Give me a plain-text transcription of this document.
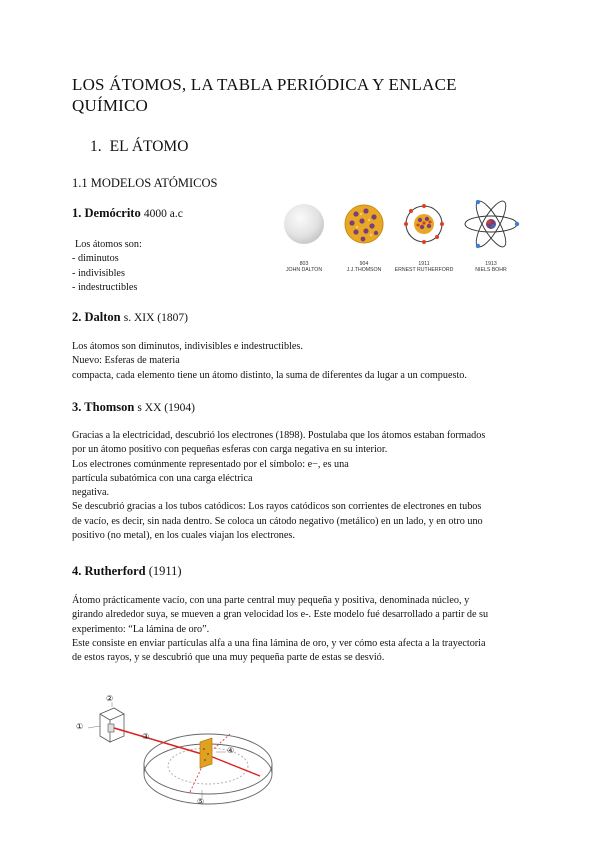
LOS ÁTOMOS, LA TABLA PERIÓDICA Y ENLACE QUÍMICO
1. EL ÁTOMO
1.1 MODELOS ATÓMICOS
1. Demócrito 4000 a.c
Los átomos son:
- diminutos
- indivisibles
- indestructibles
803
JOHN DALTON
904
J.J.THOMSON
1911
ERNEST RUTHERFORD
1913
NIELS BOHR
2. Dalton s. XIX (1807)

Los átomos son diminutos, indivisibles e indestructibles.

Nuevo: Esferas de materia

compacta, cada elemento tiene un átomo distinto, la suma de diferentes da lugar a un compuesto.

3. Thomson s XX (1904)

Gracias a la electricidad, descubrió los electrones (1898). Postulaba que los átomos estaban formados

por un átomo positivo con pequeñas esferas con carga negativa en su interior.

Los electrones comúnmente representado por el símbolo: e−, es una

partícula subatómica con una carga eléctrica

negativa.

Se descubrió gracias a los tubos catódicos: Los rayos catódicos son corrientes de electrones en tubos

de vacío, es decir, sin nada dentro. Se coloca un cátodo negativo (metálico) en un lado, y en otro uno

positivo (no metal), en los cuales viajan los electrones.

4. Rutherford (1911)

Átomo prácticamente vacío, con una parte central muy pequeña y positiva, denominada núcleo, y

girando alrededor suya, se mueven a gran velocidad los e-. Este modelo fué desarrollado a partir de su

experimento: “La lámina de oro”.

Este consiste en enviar partículas alfa a una fina lámina de oro, y ver cómo esta afecta a la trayectoria

de estos rayos, y se descubrió que una muy pequeña parte de estas se desvió.

①
②
③
④
⑤
